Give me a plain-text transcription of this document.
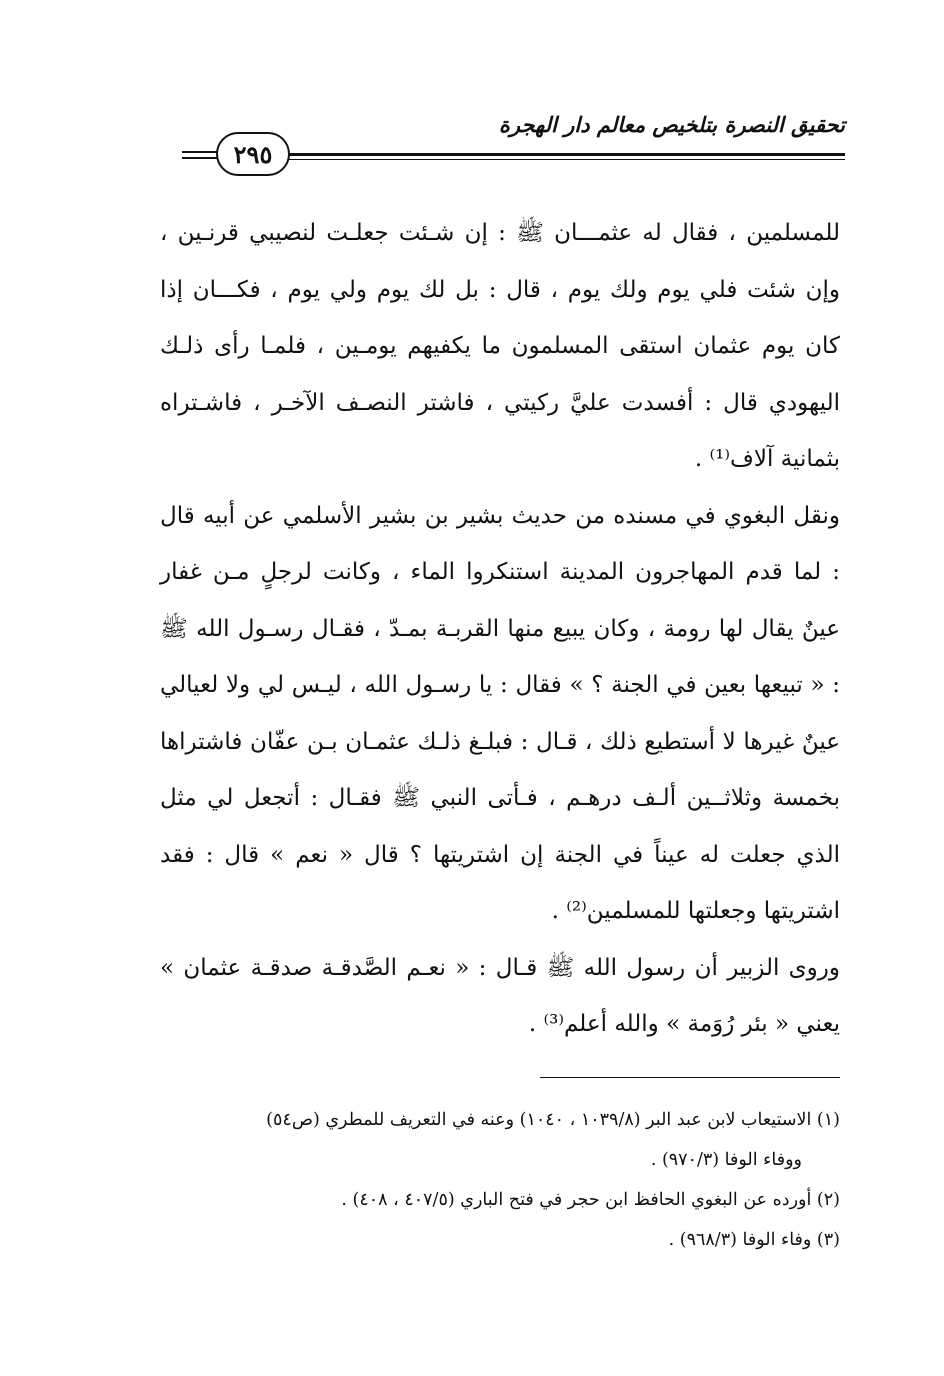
تحقيق النصرة بتلخيص معالم دار الهجرة
٢٩٥

للمسلمين ، فقال له عثمـــان ﷺ : إن شـئت جعلـت لنصيبي قرنـين ، وإن شئت فلي يوم ولك يوم ، قال : بل لك يوم ولي يوم ، فكـــان إذا كان يوم عثمان استقى المسلمون ما يكفيهم يومـين ، فلمـا رأى ذلـك اليهودي قال : أفسدت عليَّ ركيتي ، فاشتر النصـف الآخـر ، فاشـتراه بثمانية آلاف⁽¹⁾ .

ونقل البغوي في مسنده من حديث بشير بن بشير الأسلمي عن أبيه قال : لما قدم المهاجرون المدينة استنكروا الماء ، وكانت لرجلٍ مـن غفار عينٌ يقال لها رومة ، وكان يبيع منها القربـة بمـدّ ، فقـال رسـول الله ﷺ : « تبيعها بعين في الجنة ؟ » فقال : يا رسـول الله ، ليـس لي ولا لعيالي عينٌ غيرها لا أستطيع ذلك ، قـال : فبلـغ ذلـك عثمـان بـن عفّان فاشتراها بخمسة وثلاثــين ألـف درهـم ، فـأتى النبي ﷺ فقـال : أتجعل لي مثل الذي جعلت له عيناً في الجنة إن اشتريتها ؟ قال « نعم » قال : فقد اشتريتها وجعلتها للمسلمين⁽²⁾ .

وروى الزبير أن رسول الله ﷺ قـال : « نعـم الصَّدقـة صدقـة عثمان » يعني « بئر رُوَمة » والله أعلم⁽³⁾ .

(١) الاستيعاب لابن عبد البر (١٠٣٩/٨ ، ١٠٤٠) وعنه في التعريف للمطري (ص٥٤)

ووفاء الوفا (٩٧٠/٣) .

(٢) أورده عن البغوي الحافظ ابن حجر في فتح الباري (٤٠٧/٥ ، ٤٠٨) .

(٣) وفاء الوفا (٩٦٨/٣) .
